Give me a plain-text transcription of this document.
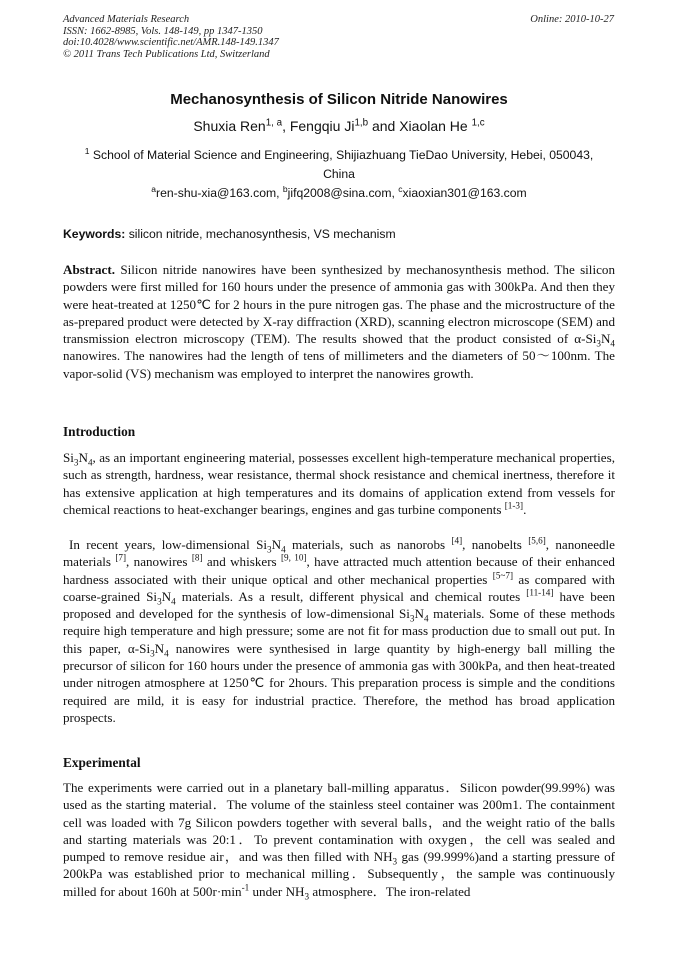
Advanced Materials Research
ISSN: 1662-8985, Vols. 148-149, pp 1347-1350
doi:10.4028/www.scientific.net/AMR.148-149.1347
© 2011 Trans Tech Publications Ltd, Switzerland
Online: 2010-10-27
Mechanosynthesis of Silicon Nitride Nanowires
Shuxia Ren$^{1, a}$, Fengqiu Ji$^{1,b}$ and Xiaolan He $^{1,c}$
$^1$ School of Material Science and Engineering, Shijiazhuang TieDao University, Hebei, 050043, China
$^a$ren-shu-xia@163.com, $^b$jifq2008@sina.com, $^c$xiaoxian301@163.com
Keywords: silicon nitride, mechanosynthesis, VS mechanism

Abstract. Silicon nitride nanowires have been synthesized by mechanosynthesis method. The silicon powders were first milled for 160 hours under the presence of ammonia gas with 300kPa. And then they were heat-treated at 1250℃ for 2 hours in the pure nitrogen gas. The phase and the microstructure of the as-prepared product were detected by X-ray diffraction (XRD), scanning electron microscope (SEM) and transmission electron microscopy (TEM). The results showed that the product consisted of $\alpha-Si_3N_4$ nanowires. The nanowires had the length of tens of millimeters and the diameters of 50～100nm. The vapor-solid (VS) mechanism was employed to interpret the nanowires growth.

Introduction

$Si_3N_4$, as an important engineering material, possesses excellent high-temperature mechanical properties, such as strength, hardness, wear resistance, thermal shock resistance and chemical inertness, therefore it has extensive application at high temperatures and its domains of application extend from vessels for chemical reactions to heat-exchanger bearings, engines and gas turbine components [1-3].

In recent years, low-dimensional $Si_3N_4$ materials, such as nanorobs [4], nanobelts [5,6], nanoneedle materials [7], nanowires [8] and whiskers [9, 10], have attracted much attention because of their enhanced hardness associated with their unique optical and other mechanical properties [5~7] as compared with coarse-grained $Si_3N_4$ materials. As a result, different physical and chemical routes [11-14] have been proposed and developed for the synthesis of low-dimensional $Si_3N_4$ materials. Some of these methods require high temperature and high pressure; some are not fit for mass production due to small out put. In this paper, $\alpha-Si_3N_4$ nanowires were synthesised in large quantity by high-energy ball milling the precursor of silicon for 160 hours under the presence of ammonia gas with 300kPa, and then heat-treated under nitrogen atmosphere at 1250℃ for 2hours. This preparation process is simple and the conditions required are mild, it is easy for industrial practice. Therefore, the method has broad application prospects.

Experimental

The experiments were carried out in a planetary ball-milling apparatus．Silicon powder(99.99%) was used as the starting material．The volume of the stainless steel container was 200m1. The containment cell was loaded with 7g Silicon powders together with several balls，and the weight ratio of the balls and starting materials was 20:1．To prevent contamination with oxygen，the cell was sealed and pumped to remove residue air，and was then filled with $NH_3$ gas (99.999%)and a starting pressure of 200kPa was established prior to mechanical milling．Subsequently，the sample was continuously milled for about 160h at $500r\cdot\min^{-1}$ under $NH_3$ atmosphere．The iron-related
